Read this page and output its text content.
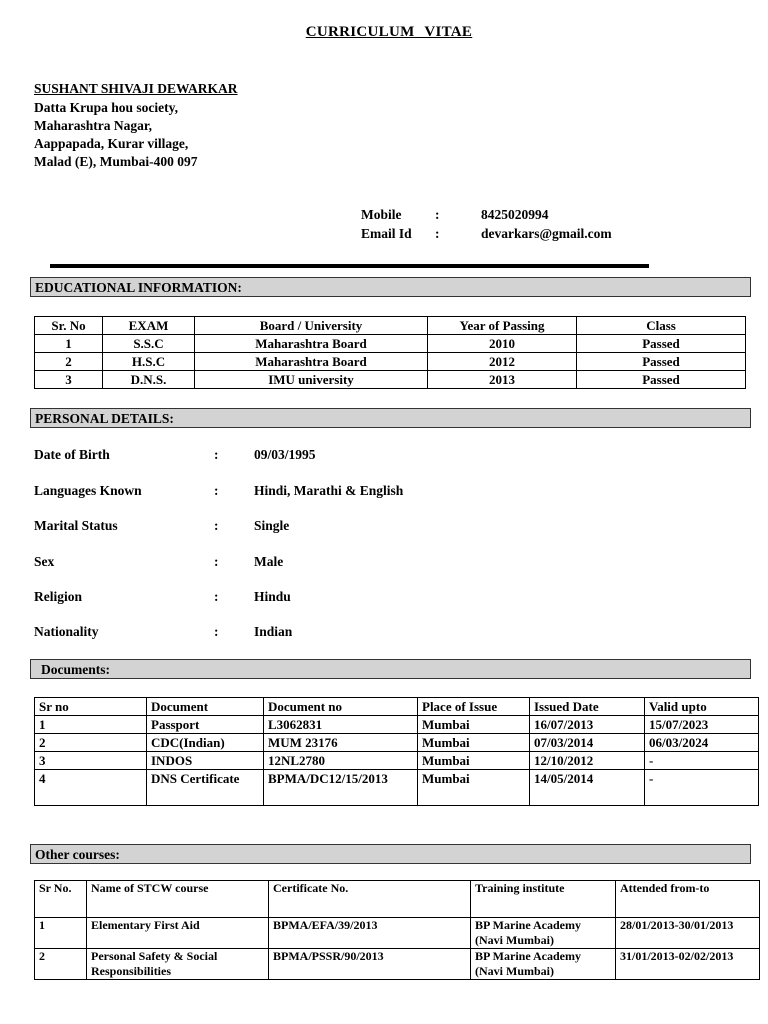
CURRICULUM VITAE
SUSHANT SHIVAJI DEWARKAR
Datta Krupa hou society,
Maharashtra Nagar,
Aappapada, Kurar village,
Malad (E), Mumbai-400 097
Mobile :	8425020994
Email Id :	devarkars@gmail.com
EDUCATIONAL INFORMATION:
Sr. No	EXAM	Board / University	Year of Passing	Class
1	S.S.C	Maharashtra Board	2010	Passed
2	H.S.C	Maharashtra Board	2012	Passed
3	D.N.S.	IMU university	2013	Passed
PERSONAL DETAILS:
Date of Birth	:	09/03/1995
Languages Known	:	Hindi, Marathi & English
Marital Status	:	Single
Sex	:	Male
Religion	:	Hindu
Nationality	:	Indian
Documents:
Sr no	Document	Document no	Place of Issue	Issued Date	Valid upto
1	Passport	L3062831	Mumbai	16/07/2013	15/07/2023
2	CDC(Indian)	MUM 23176	Mumbai	07/03/2014	06/03/2024
3	INDOS	12NL2780	Mumbai	12/10/2012	-
4	DNS Certificate	BPMA/DC12/15/2013	Mumbai	14/05/2014	-
Other courses:
Sr No.	Name of STCW course	Certificate No.	Training institute	Attended from-to
1	Elementary First Aid	BPMA/EFA/39/2013	BP Marine Academy (Navi Mumbai)	28/01/2013-30/01/2013
2	Personal Safety & Social Responsibilities	BPMA/PSSR/90/2013	BP Marine Academy (Navi Mumbai)	31/01/2013-02/02/2013
